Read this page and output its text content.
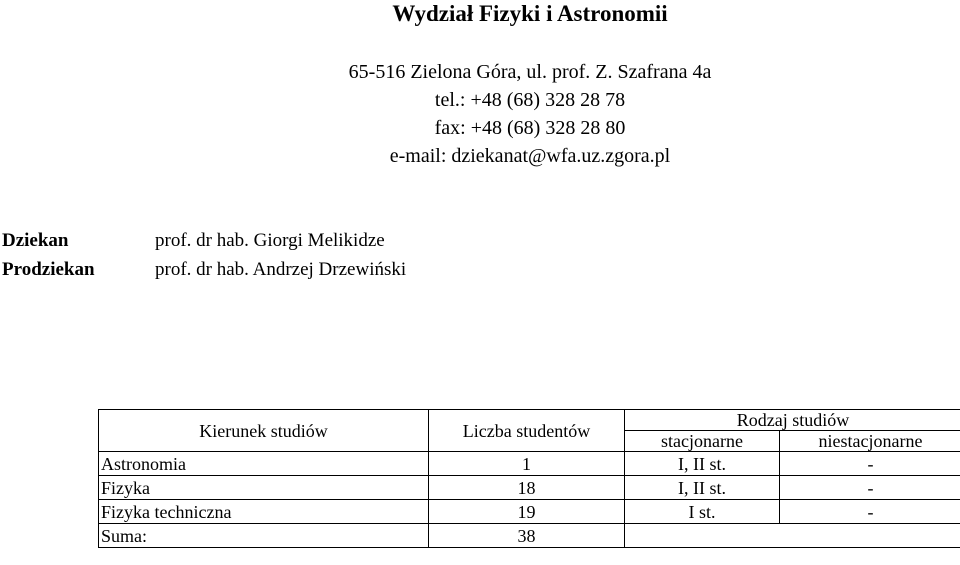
Wydział Fizyki i Astronomii
65-516 Zielona Góra, ul. prof. Z. Szafrana 4a
tel.: +48 (68) 328 28 78
fax: +48 (68) 328 28 80
e-mail: dziekanat@wfa.uz.zgora.pl
Dziekan	prof. dr hab. Giorgi Melikidze
Prodziekan	prof. dr hab. Andrzej Drzewiński
Kierunek studiów	Liczba studentów	Rodzaj studiów	
		stacjonarne	niestacjonarne
Astronomia	1	I, II st.	-
Fizyka	18	I, II st.	-
Fizyka techniczna	19	I st.	-
Suma:	38		
